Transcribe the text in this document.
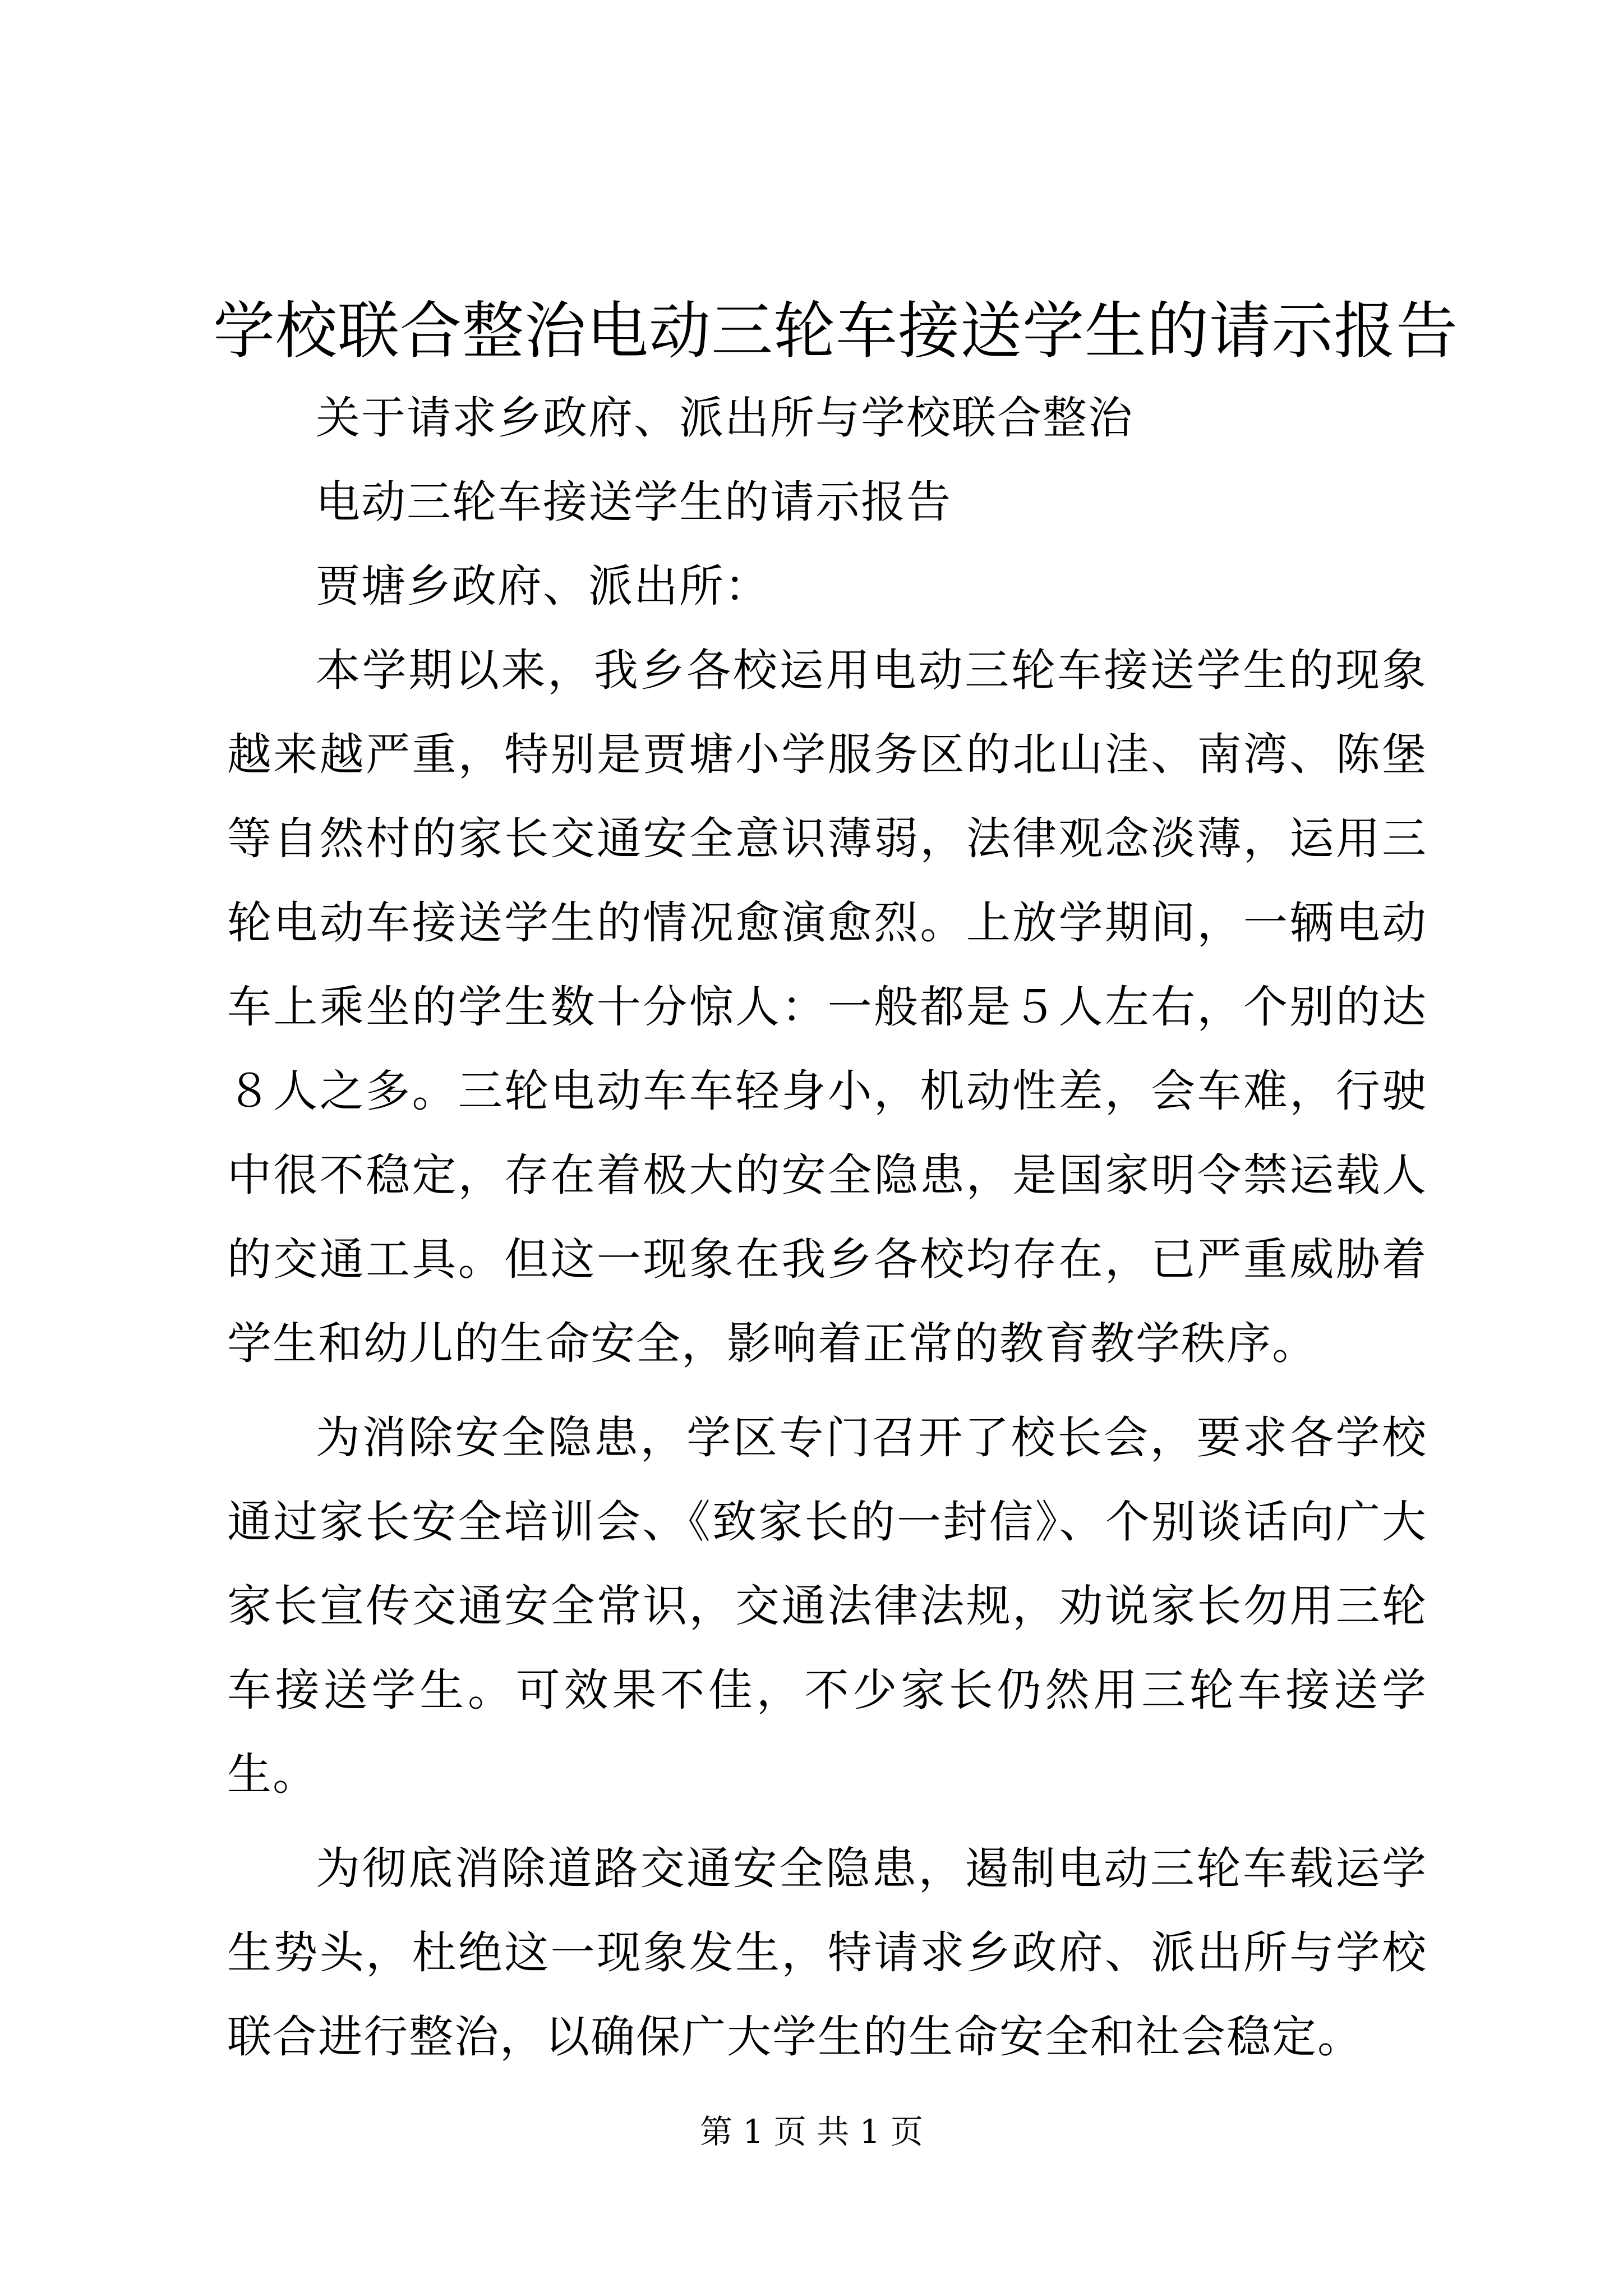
学校联合整治电动三轮车接送学生的请示报告

关于请求乡政府、派出所与学校联合整治

电动三轮车接送学生的请示报告

贾塘乡政府、派出所：

本学期以来，我乡各校运用电动三轮车接送学生的现象越来越严重，特别是贾塘小学服务区的北山洼、南湾、陈堡等自然村的家长交通安全意识薄弱，法律观念淡薄，运用三轮电动车接送学生的情况愈演愈烈。上放学期间，一辆电动车上乘坐的学生数十分惊人：一般都是５人左右，个别的达８人之多。三轮电动车车轻身小，机动性差，会车难，行驶中很不稳定，存在着极大的安全隐患，是国家明令禁运载人的交通工具。但这一现象在我乡各校均存在，已严重威胁着学生和幼儿的生命安全，影响着正常的教育教学秩序。

为消除安全隐患，学区专门召开了校长会，要求各学校通过家长安全培训会、《致家长的一封信》、个别谈话向广大家长宣传交通安全常识，交通法律法规，劝说家长勿用三轮车接送学生。可效果不佳，不少家长仍然用三轮车接送学生。

为彻底消除道路交通安全隐患，遏制电动三轮车载运学生势头，杜绝这一现象发生，特请求乡政府、派出所与学校联合进行整治，以确保广大学生的生命安全和社会稳定。

第 1 页 共 1 页
